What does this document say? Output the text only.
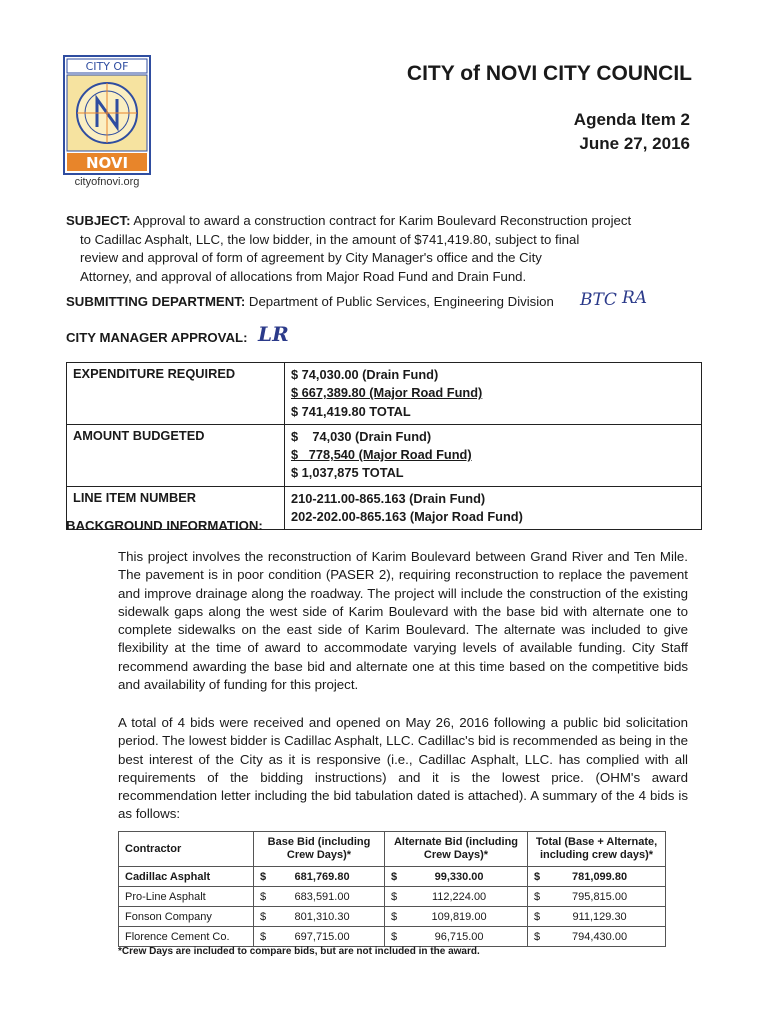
CITY OF
NOVI
cityofnovi.org
CITY of NOVI CITY COUNCIL
Agenda Item 2
June 27, 2016
SUBJECT: Approval to award a construction contract for Karim Boulevard Reconstruction project
to Cadillac Asphalt, LLC, the low bidder, in the amount of $741,419.80, subject to final
review and approval of form of agreement by City Manager's office and the City
Attorney, and approval of allocations from Major Road Fund and Drain Fund.
SUBMITTING DEPARTMENT: Department of Public Services, Engineering Division BTC RA
CITY MANAGER APPROVAL: LR
EXPENDITURE REQUIRED	$ 74,030.00 (Drain Fund)
$ 667,389.80 (Major Road Fund)
$ 741,419.80 TOTAL

AMOUNT BUDGETED	$    74,030 (Drain Fund)
$   778,540 (Major Road Fund)
$ 1,037,875 TOTAL

LINE ITEM NUMBER	210-211.00-865.163 (Drain Fund)
202-202.00-865.163 (Major Road Fund)
BACKGROUND INFORMATION:
This project involves the reconstruction of Karim Boulevard between Grand River and Ten Mile. The pavement is in poor condition (PASER 2), requiring reconstruction to replace the pavement and improve drainage along the roadway. The project will include the construction of the existing sidewalk gaps along the west side of Karim Boulevard with the base bid with alternate one to complete sidewalks on the east side of Karim Boulevard. The alternate was included to give flexibility at the time of award to accommodate varying levels of available funding. City Staff recommend awarding the base bid and alternate one at this time based on the competitive bids and availability of funding for this project.
A total of 4 bids were received and opened on May 26, 2016 following a public bid solicitation period. The lowest bidder is Cadillac Asphalt, LLC. Cadillac's bid is recommended as being in the best interest of the City as it is responsive (i.e., Cadillac Asphalt, LLC. has complied with all requirements of the bidding instructions) and it is the lowest price. (OHM's award recommendation letter including the bid tabulation dated is attached). A summary of the 4 bids is as follows:
Contractor	Base Bid (including Crew Days)*	Alternate Bid (including Crew Days)*	Total (Base + Alternate, including crew days)*
Cadillac Asphalt	$ 681,769.80	$ 99,330.00	$ 781,099.80

Pro-Line Asphalt	$ 683,591.00	$ 112,224.00	$ 795,815.00

Fonson Company	$ 801,310.30	$ 109,819.00	$ 911,129.30

Florence Cement Co.	$ 697,715.00	$ 96,715.00	$ 794,430.00
*Crew Days are included to compare bids, but are not included in the award.
